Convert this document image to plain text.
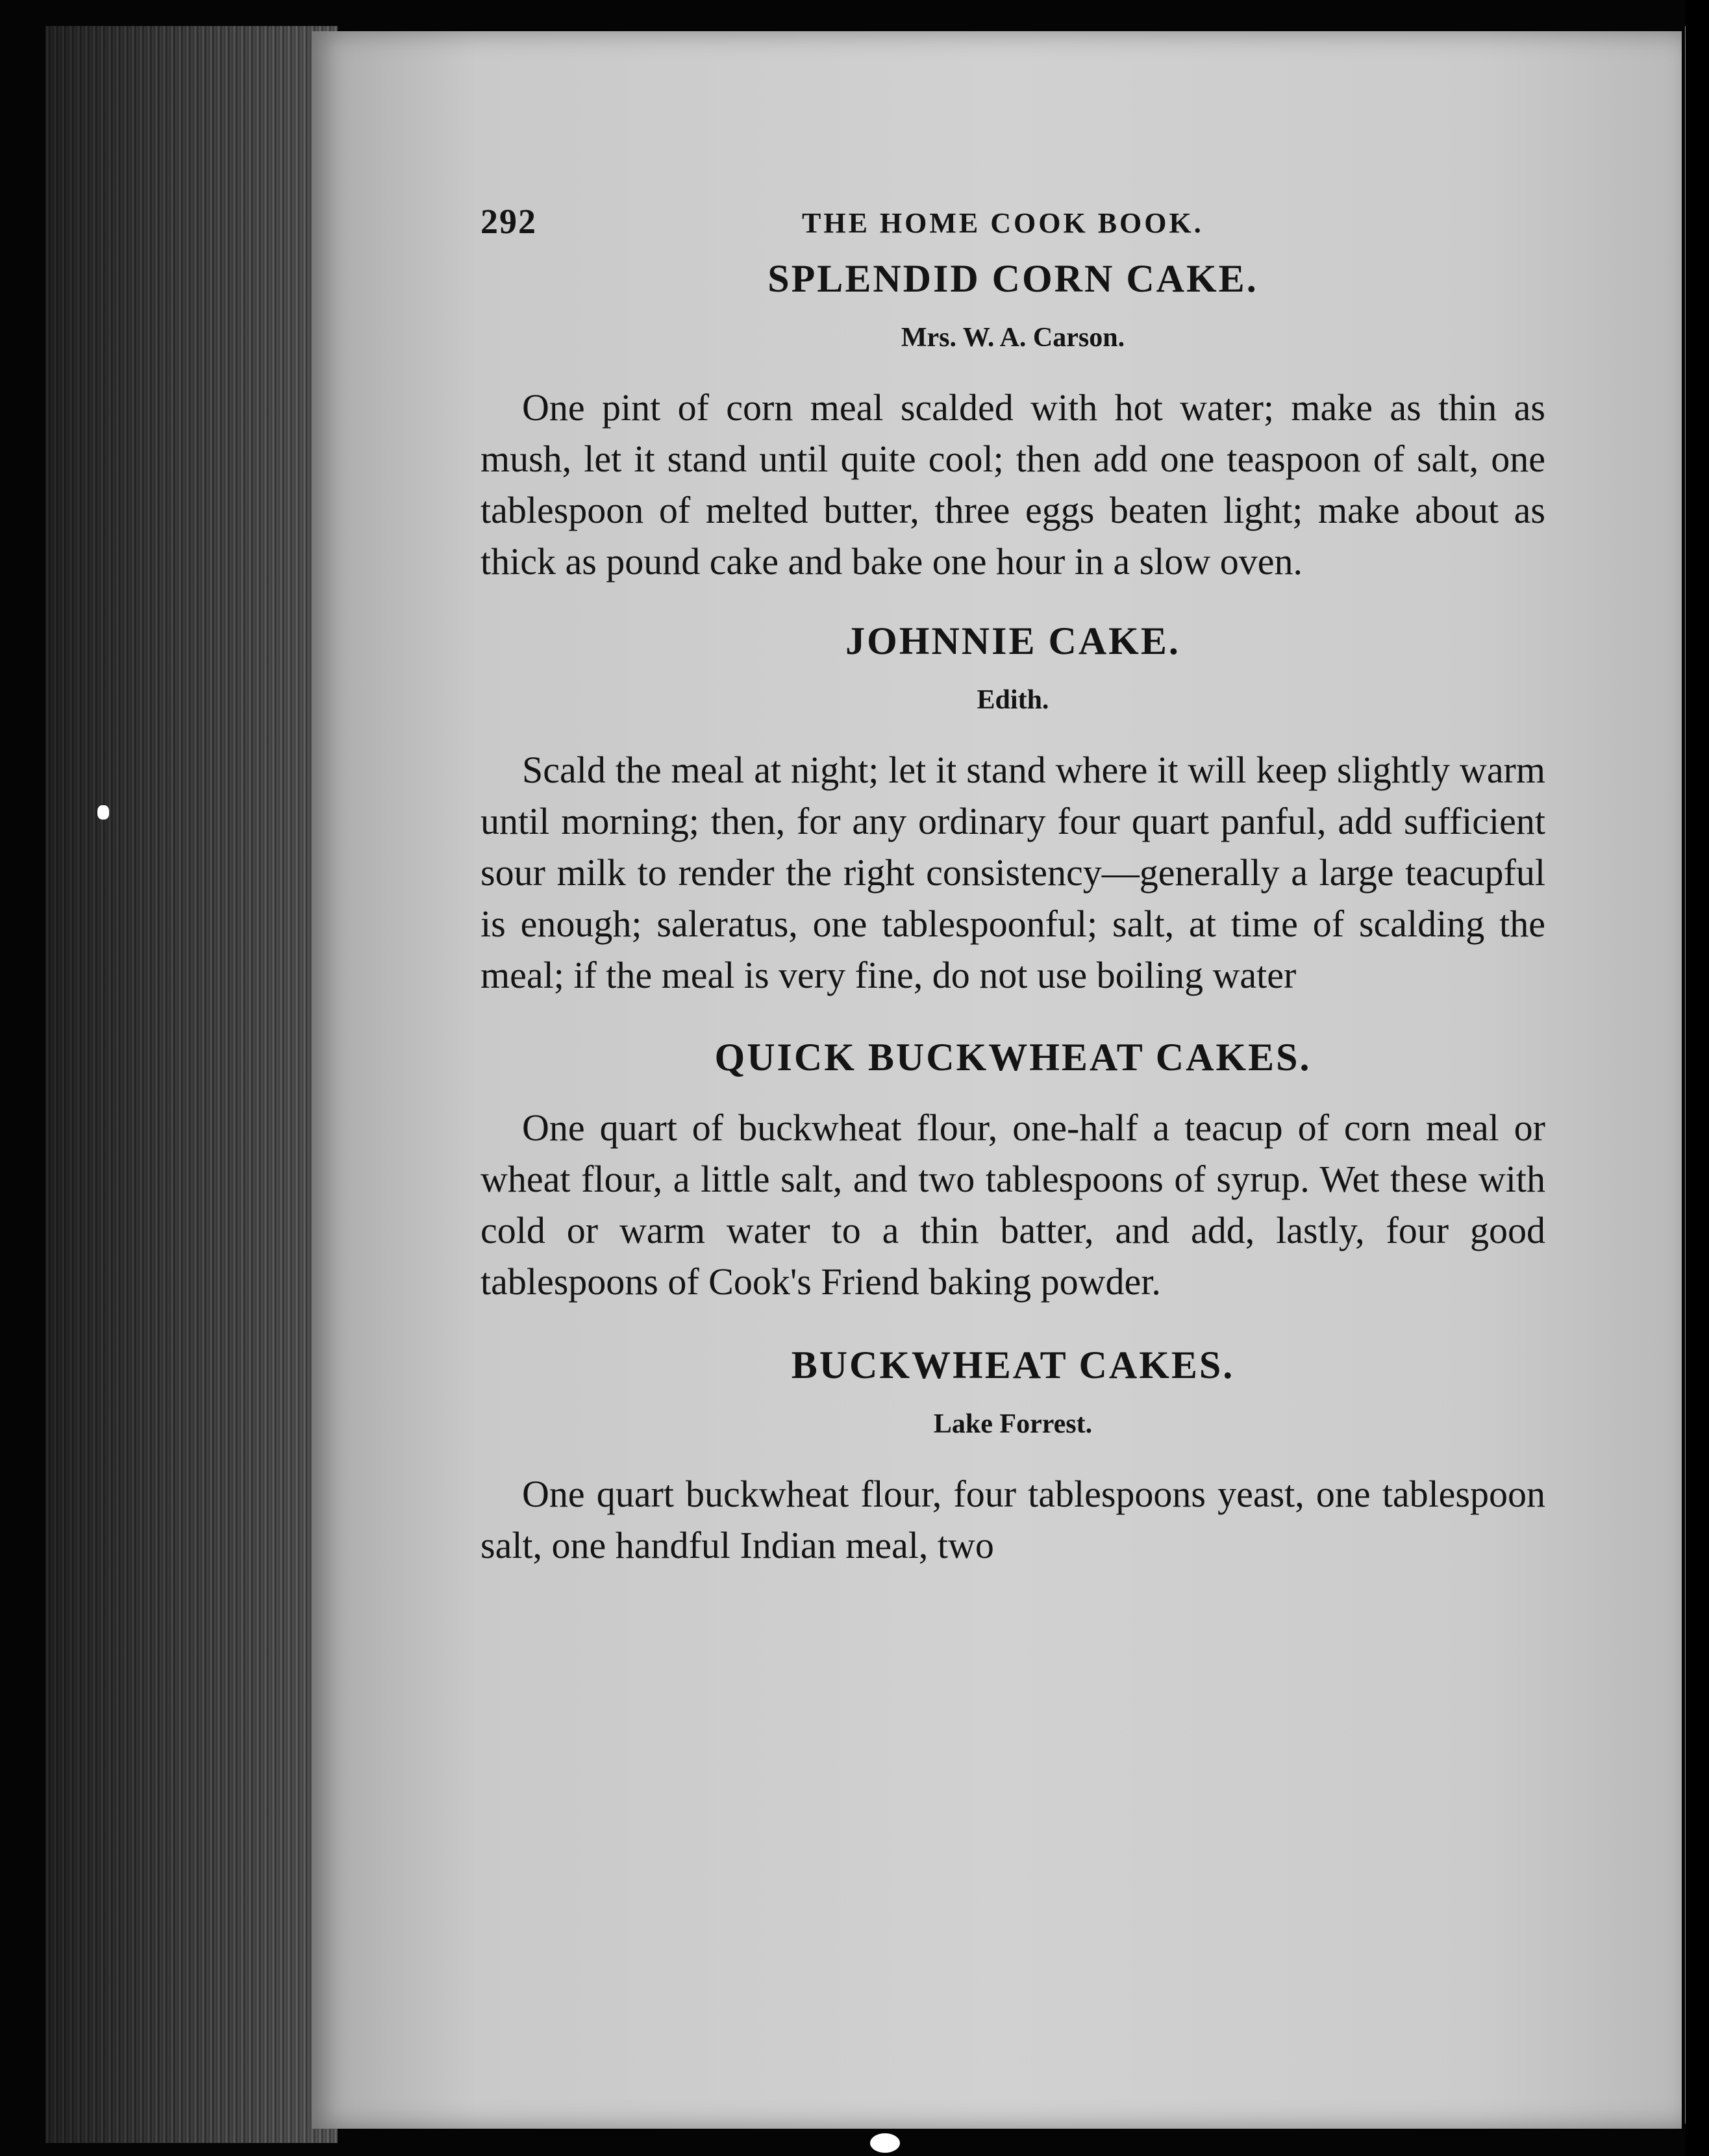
292	THE HOME COOK BOOK.
SPLENDID CORN CAKE.
Mrs. W. A. Carson.

One pint of corn meal scalded with hot water; make as thin as mush, let it stand until quite cool; then add one teaspoon of salt, one tablespoon of melted butter, three eggs beaten light; make about as thick as pound cake and bake one hour in a slow oven.

JOHNNIE CAKE.
Edith.

Scald the meal at night; let it stand where it will keep slightly warm until morning; then, for any ordinary four quart panful, add sufficient sour milk to render the right consistency—generally a large teacupful is enough; saleratus, one tablespoonful; salt, at time of scalding the meal; if the meal is very fine, do not use boiling water

QUICK BUCKWHEAT CAKES.

One quart of buckwheat flour, one-half a teacup of corn meal or wheat flour, a little salt, and two tablespoons of syrup. Wet these with cold or warm water to a thin batter, and add, lastly, four good tablespoons of Cook's Friend baking powder.

BUCKWHEAT CAKES.
Lake Forrest.

One quart buckwheat flour, four tablespoons yeast, one tablespoon salt, one handful Indian meal, two
